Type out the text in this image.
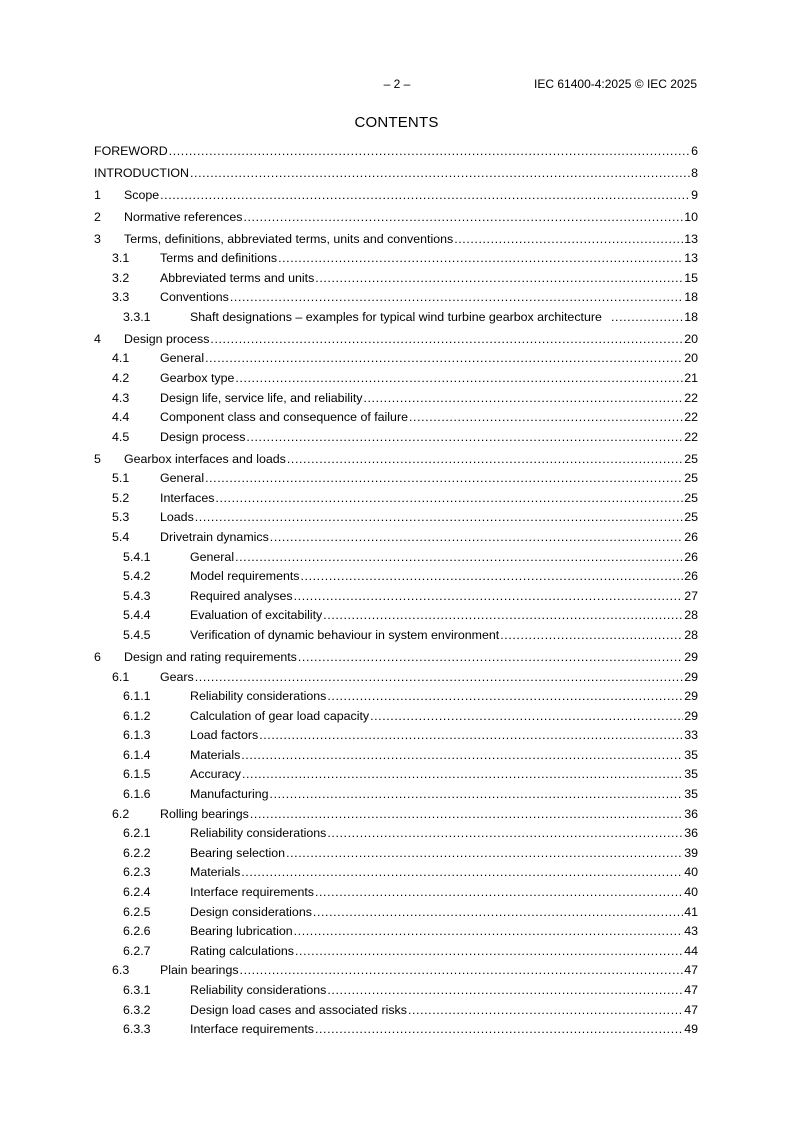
– 2 –	IEC 61400-4:2025 © IEC 2025
CONTENTS
FOREWORD .....	6
INTRODUCTION .....	8
1 Scope .....	9
2 Normative references .....	10
3 Terms, definitions, abbreviated terms, units and conventions .....	13
3.1 Terms and definitions .....	13
3.2 Abbreviated terms and units .....	15
3.3 Conventions .....	18
3.3.1	Shaft designations – examples for typical wind turbine gearbox architecture .....	18
4 Design process .....	20
4.1 General .....	20
4.2 Gearbox type .....	21
4.3 Design life, service life, and reliability .....	22
4.4 Component class and consequence of failure .....	22
4.5 Design process .....	22
5 Gearbox interfaces and loads .....	25
5.1 General .....	25
5.2 Interfaces .....	25
5.3 Loads .....	25
5.4 Drivetrain dynamics .....	26
5.4.1	General .....	26
5.4.2	Model requirements .....	26
5.4.3	Required analyses .....	27
5.4.4	Evaluation of excitability .....	28
5.4.5	Verification of dynamic behaviour in system environment .....	28
6 Design and rating requirements .....	29
6.1 Gears .....	29
6.1.1	Reliability considerations .....	29
6.1.2	Calculation of gear load capacity .....	29
6.1.3	Load factors .....	33
6.1.4	Materials .....	35
6.1.5	Accuracy .....	35
6.1.6	Manufacturing .....	35
6.2 Rolling bearings .....	36
6.2.1	Reliability considerations .....	36
6.2.2	Bearing selection .....	39
6.2.3	Materials .....	40
6.2.4	Interface requirements .....	40
6.2.5	Design considerations .....	41
6.2.6	Bearing lubrication .....	43
6.2.7	Rating calculations .....	44
6.3 Plain bearings .....	47
6.3.1	Reliability considerations .....	47
6.3.2	Design load cases and associated risks .....	47
6.3.3	Interface requirements .....	49
